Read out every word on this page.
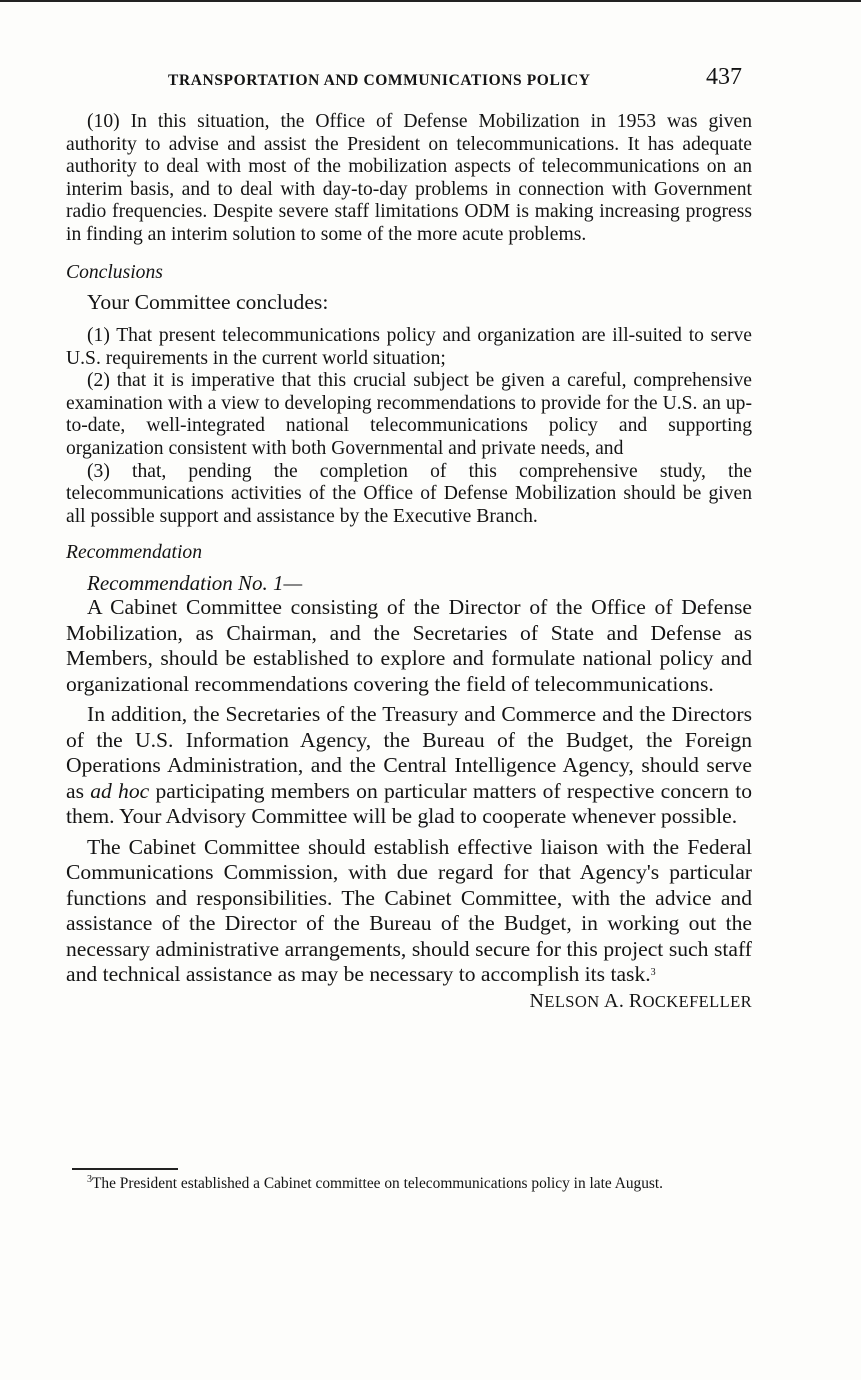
TRANSPORTATION AND COMMUNICATIONS POLICY	437

(10) In this situation, the Office of Defense Mobilization in 1953 was given authority to advise and assist the President on telecommunications. It has adequate authority to deal with most of the mobilization aspects of telecommunications on an interim basis, and to deal with day-to-day problems in connection with Government radio frequencies. Despite severe staff limitations ODM is making increasing progress in finding an interim solution to some of the more acute problems.

Conclusions

Your Committee concludes:

(1) That present telecommunications policy and organization are ill-suited to serve U.S. requirements in the current world situation;

(2) that it is imperative that this crucial subject be given a careful, comprehensive examination with a view to developing recommendations to provide for the U.S. an up-to-date, well-integrated national telecommunications policy and supporting organization consistent with both Governmental and private needs, and

(3) that, pending the completion of this comprehensive study, the telecommunications activities of the Office of Defense Mobilization should be given all possible support and assistance by the Executive Branch.

Recommendation
Recommendation No. 1—

A Cabinet Committee consisting of the Director of the Office of Defense Mobilization, as Chairman, and the Secretaries of State and Defense as Members, should be established to explore and formulate national policy and organizational recommendations covering the field of telecommunications.

In addition, the Secretaries of the Treasury and Commerce and the Directors of the U.S. Information Agency, the Bureau of the Budget, the Foreign Operations Administration, and the Central Intelligence Agency, should serve as ad hoc participating members on particular matters of respective concern to them. Your Advisory Committee will be glad to cooperate whenever possible.

The Cabinet Committee should establish effective liaison with the Federal Communications Commission, with due regard for that Agency's particular functions and responsibilities. The Cabinet Committee, with the advice and assistance of the Director of the Bureau of the Budget, in working out the necessary administrative arrangements, should secure for this project such staff and technical assistance as may be necessary to accomplish its task.$^3$

NELSON A. ROCKEFELLER
$^3$The President established a Cabinet committee on telecommunications policy in late August.
